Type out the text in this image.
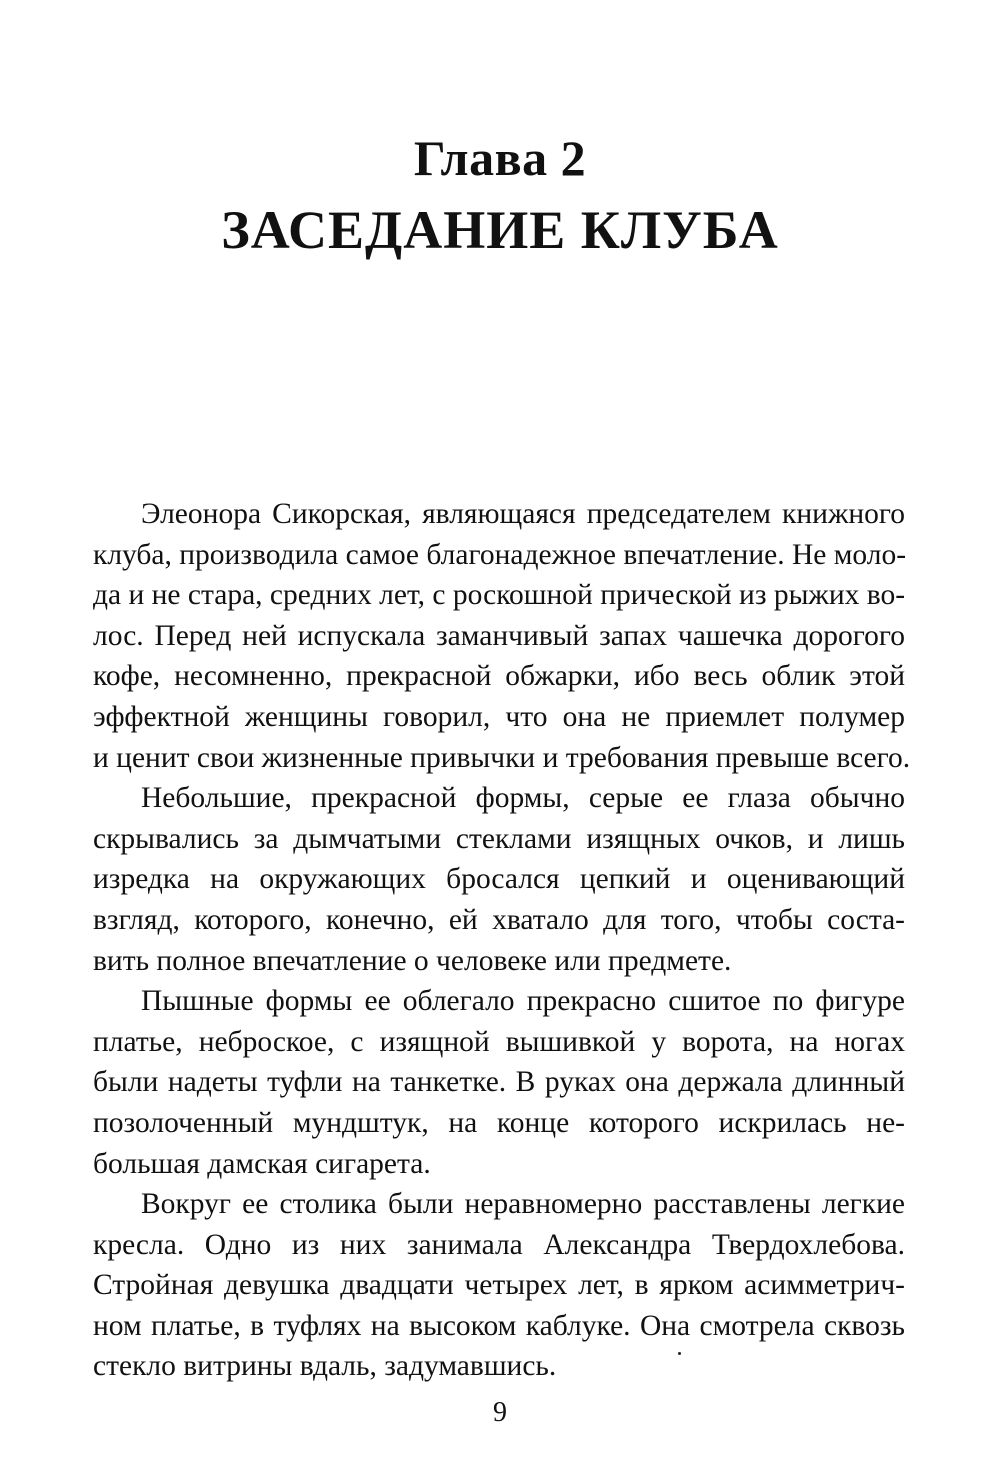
Глава 2
ЗАСЕДАНИЕ КЛУБА
Элеонора Сикорская, являющаяся председателем книжного
клуба, производила самое благонадежное впечатление. Не моло-
да и не стара, средних лет, с роскошной прической из рыжих во-
лос. Перед ней испускала заманчивый запах чашечка дорогого
кофе, несомненно, прекрасной обжарки, ибо весь облик этой
эффектной женщины говорил, что она не приемлет полумер
и ценит свои жизненные привычки и требования превыше всего.
Небольшие, прекрасной формы, серые ее глаза обычно
скрывались за дымчатыми стеклами изящных очков, и лишь
изредка на окружающих бросался цепкий и оценивающий
взгляд, которого, конечно, ей хватало для того, чтобы соста-
вить полное впечатление о человеке или предмете.
Пышные формы ее облегало прекрасно сшитое по фигуре
платье, неброское, с изящной вышивкой у ворота, на ногах
были надеты туфли на танкетке. В руках она держала длинный
позолоченный мундштук, на конце которого искрилась не-
большая дамская сигарета.
Вокруг ее столика были неравномерно расставлены легкие
кресла. Одно из них занимала Александра Твердохлебова.
Стройная девушка двадцати четырех лет, в ярком асимметрич-
ном платье, в туфлях на высоком каблуке. Она смотрела сквозь
стекло витрины вдаль, задумавшись.
9
